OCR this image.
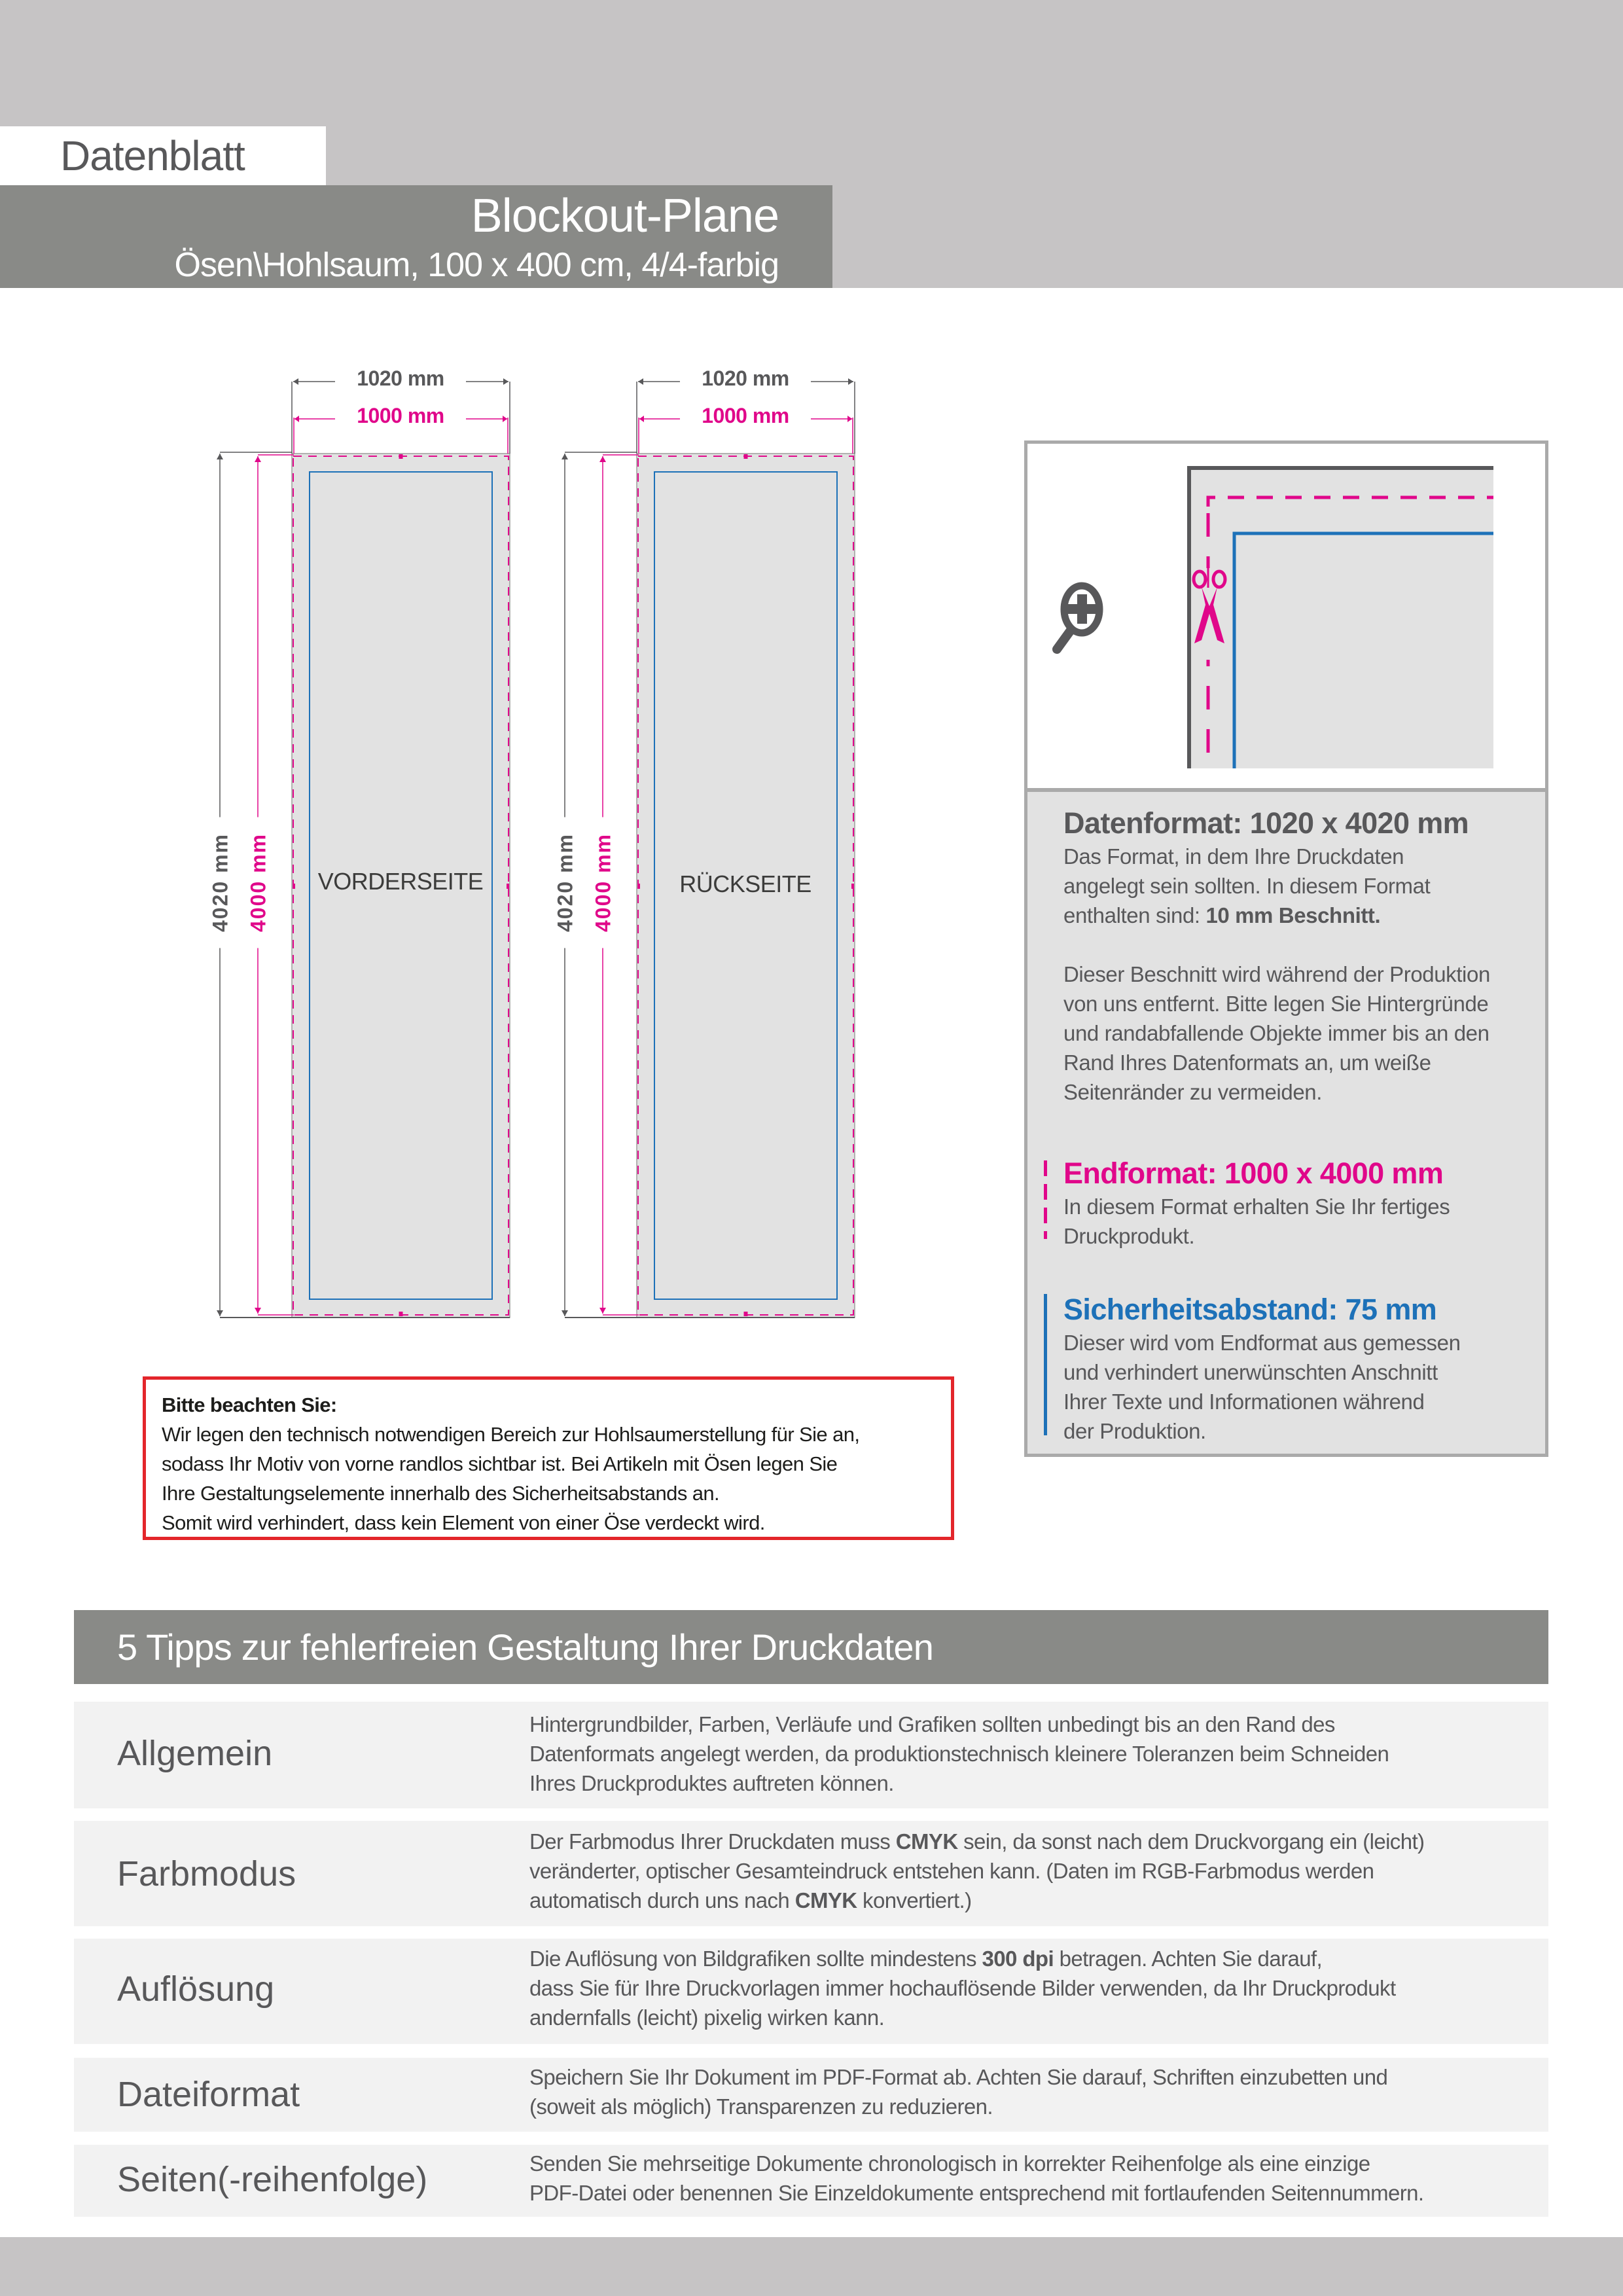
Datenblatt
Blockout-Plane
Ösen\Hohlsaum, 100 x 400 cm, 4/4-farbig
1020 mm
1000 mm
4020 mm 4000 mm	VORDERSEITE
1020 mm
1000 mm
4020 mm 4000 mm	RÜCKSEITE
Bitte beachten Sie:
Wir legen den technisch notwendigen Bereich zur Hohlsaumerstellung für Sie an,
sodass Ihr Motiv von vorne randlos sichtbar ist. Bei Artikeln mit Ösen legen Sie
Ihre Gestaltungselemente innerhalb des Sicherheitsabstands an.
Somit wird verhindert, dass kein Element von einer Öse verdeckt wird.
Datenformat: 1020 x 4020 mm
Das Format, in dem Ihre Druckdaten
angelegt sein sollten. In diesem Format
enthalten sind: 10 mm Beschnitt.
Dieser Beschnitt wird während der Produktion
von uns entfernt. Bitte legen Sie Hintergründe
und randabfallende Objekte immer bis an den
Rand Ihres Datenformats an, um weiße
Seitenränder zu vermeiden.
Endformat: 1000 x 4000 mm
In diesem Format erhalten Sie Ihr fertiges
Druckprodukt.
Sicherheitsabstand: 75 mm
Dieser wird vom Endformat aus gemessen
und verhindert unerwünschten Anschnitt
Ihrer Texte und Informationen während
der Produktion.
5 Tipps zur fehlerfreien Gestaltung Ihrer Druckdaten
Allgemein
Hintergrundbilder, Farben, Verläufe und Grafiken sollten unbedingt bis an den Rand des
Datenformats angelegt werden, da produktionstechnisch kleinere Toleranzen beim Schneiden
Ihres Druckproduktes auftreten können.
Farbmodus
Der Farbmodus Ihrer Druckdaten muss CMYK sein, da sonst nach dem Druckvorgang ein (leicht)
veränderter, optischer Gesamteindruck entstehen kann. (Daten im RGB-Farbmodus werden
automatisch durch uns nach CMYK konvertiert.)
Auflösung
Die Auflösung von Bildgrafiken sollte mindestens 300 dpi betragen. Achten Sie darauf,
dass Sie für Ihre Druckvorlagen immer hochauflösende Bilder verwenden, da Ihr Druckprodukt
andernfalls (leicht) pixelig wirken kann.
Dateiformat	Speichern Sie Ihr Dokument im PDF-Format ab. Achten Sie darauf, Schriften einzubetten und
(soweit als möglich) Transparenzen zu reduzieren.
Seiten(-reihenfolge)	Senden Sie mehrseitige Dokumente chronologisch in korrekter Reihenfolge als eine einzige
PDF-Datei oder benennen Sie Einzeldokumente entsprechend mit fortlaufenden Seitennummern.
